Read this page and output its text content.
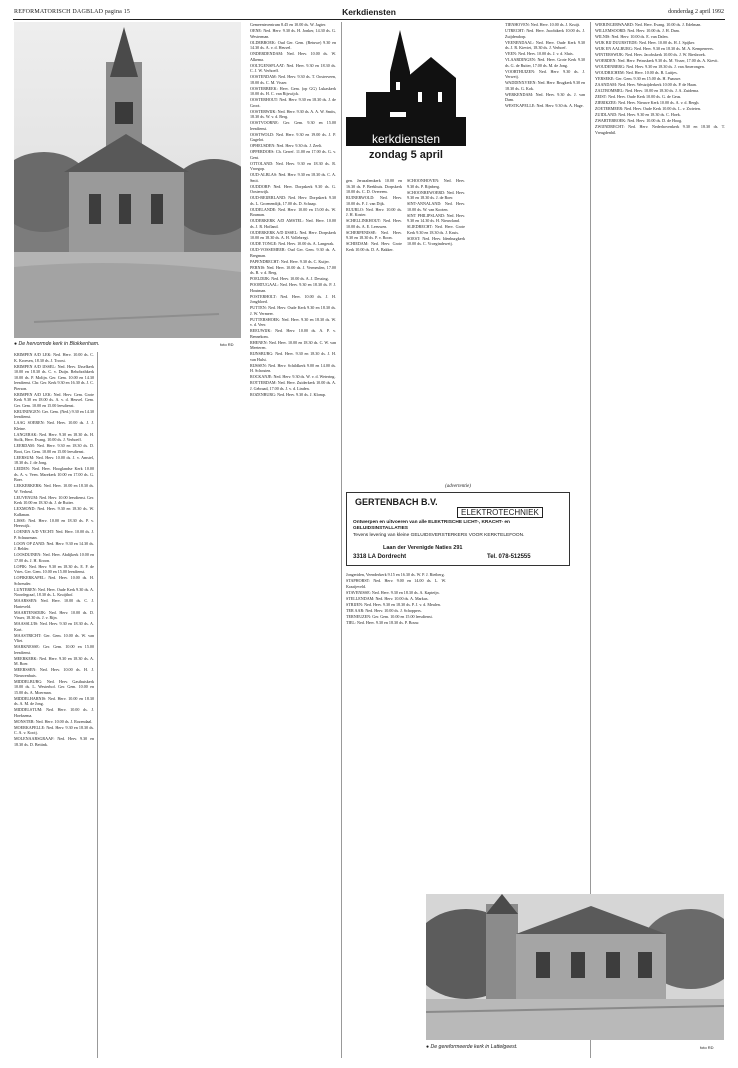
REFORMATORISCH DAGBLAD pagina 15	Kerkdiensten	donderdag 2 april 1992
● De hervormde kerk in Blokkenham.	foto RD
kerkdiensten
zondag 5 april

KRIMPEN A/D LEK: Ned. Herv. 10.00 ds. C. K. Kroesen, 18.30 ds. J. Troost.

KRIMPEN A/D IJSSEL: Ned. Herv. IJsselkerk 10.00 en 18.30 ds. C. v. Duijn. Rehobothkerk 10.00 ds. P. Molijn. Ger. Gem. 10.00 en 14.30 leesdienst. Chr. Ger. Kerk 9.30 en 16.30 ds. J. C. Pierson.

KRIMPEN A/D LEK: Ned. Herv. Gem. Grote Kerk 9.30 en 18.00 ds. A. v. d. Heuvel. Gem. Ger. Gem. 10.00 en 15.00 leesdienst.

KRUININGEN: Ger. Gem. (Ned.) 9.30 en 14.30 leesdienst.

LAAG SOEREN: Ned. Herv. 10.00 ds. J. J. Kleine.

LANGERAK: Ned. Herv. 9.30 en 18.30 ds. H. Stolk, Herv. Evang. 10.00 ds. J. Verhoeff.

LEERDAM: Ned. Herv. 9.30 en 18.30 ds. D. Boot, Ger. Gem. 10.00 en 15.00 leesdienst.

LEERSUM: Ned. Herv. 10.00 ds. J. v. Amstel, 18.30 ds. J. de Jong.

LEIDEN: Ned. Herv. Hooglandse Kerk 10.00 ds. A. v. Veen. Marekerk 10.00 en 17.00 ds. G. Boer.

LEKKERKERK: Ned. Herv. 10.00 en 18.30 ds. W. Verheul.

LEUVENUM: Ned. Herv. 10.00 leesdienst. Ger. Kerk 10.00 en 18.30 ds. J. de Ruiter.

LEXMOND: Ned. Herv. 9.30 en 18.30 ds. W. Kalkman.

LISSE: Ned. Herv. 10.00 en 18.30 ds. P. v. Heeswijk.

LOENEN A/D VECHT: Ned. Herv. 10.00 ds. J. P. Schuurman.

LOON OP ZAND: Ned. Herv. 9.30 en 14.30 ds. J. Belder.

LOOSDUINEN: Ned. Herv. Abdijkerk 10.00 en 17.00 ds. J. H. Kroon.

LOPIK: Ned. Herv. 9.30 en 18.30 ds. E. F. de Vries. Ger. Gem. 10.00 en 15.00 leesdienst.

LOPIKERKAPEL: Ned. Herv. 10.00 ds. H. Schreuder.

LUNTEREN: Ned. Herv. Oude Kerk 9.30 ds. A. Noordegraaf, 18.30 ds. L. Kruijthof.

MAARSSEN: Ned. Herv. 10.00 ds. C. J. Harteveld.

MAARTENSDIJK: Ned. Herv. 10.00 ds. D. Visser, 18.30 ds. J. v. Rijn.

MAASSLUIS: Ned. Herv. 9.30 en 18.30 ds. A. Kort.

MAASTRICHT: Ger. Gem. 10.00 ds. W. van Vliet.

MARKNESSE: Ger. Gem. 10.00 en 15.00 leesdienst.

MEERKERK: Ned. Herv. 9.30 en 18.30 ds. A. M. Boer.

MEERSSEN: Ned. Herv. 10.00 ds. H. J. Nieuwenhuis.

MIDDELBURG: Ned. Herv. Gasthuiskerk 10.00 ds. L. Westerhof. Ger. Gem. 10.00 en 15.00 ds. A. Moerman.

MIDDELHARNIS: Ned. Herv. 10.00 en 18.30 ds. A. M. de Jong.

MIDDELSTUM: Ned. Herv. 10.00 ds. J. Hoeksema.

MONSTER: Ned. Herv. 10.00 ds. J. Rozendaal.

MOERKAPELLE: Ned. Herv. 9.30 en 18.30 ds. C. A. v. Kooij.

MOLENAARSGRAAF: Ned. Herv. 9.30 en 18.30 ds. D. Bettink.

Gemeentecentrum 8.45 en 10.00 ds. W. Jagter.

OENE: Ned. Herv. 9.30 ds. H. Jonker, 14.30 ds. G. Westerman.

OLDEBROEK: Oud Ger. Gem. (Betuwe) 9.30 en 14.30 ds. A. v. d. Heuvel.

ONDERDENDAM: Ned. Herv. 10.00 ds. W. Alkema.

OOLTGENSPLAAT: Ned. Herv. 9.30 en 18.30 ds. C. J. W. Verhoeff.

OOSTENDAM: Ned. Herv. 9.30 ds. T. Oosterveen, 18.00 ds. C. M. Visser.

OOSTERBEEK: Herv. Gem. (op GG) Lukaskerk 10.00 ds. H. C. van Rijswijck.

OOSTERHOUT: Ned. Herv. 9.30 en 18.30 ds. J. de Groot.

OOSTERWIJK: Ned. Herv. 9.30 ds. A. A. W. Smits, 18.30 ds. W. v. d. Berg.

OOSTVOORNE: Ger. Gem. 9.30 en 15.00 leesdienst.

OOSTWOLD: Ned. Herv. 9.30 en 19.00 ds. J. P. Gugelot.

OPHEUSDEN: Ned. Herv. 9.30 ds. J. Zeelt.

OPPERDOES: Ch. Gerref. 11.00 en 17.00 ds. G. v. Gent.

OTTOLAND: Ned. Herv. 9.30 en 18.30 ds. R. Vroegop.

OUD-ALBLAS: Ned. Herv. 9.30 en 18.30 ds. C. A. Smit.

OUDDORP: Ned. Herv. Dorpskerk 9.30 ds. G. Oosterwijk.

OUD-BEIJERLAND: Ned. Herv. Dorpskerk 9.30 ds. L. Groenendijk, 17.00 ds. D. Schaap.

OUDELANDE: Ned. Herv. 10.00 en 15.00 ds. W. Bouman.

OUDERKERK A/D AMSTEL: Ned. Herv. 10.00 ds. J. R. Hofland.

OUDERKERK A/D IJSSEL: Ned. Herv. Dorpskerk 10.00 en 18.30 ds. A. H. Vollebregt.

OUDE TONGE: Ned. Herv. 10.00 ds. A. Langerak.

OUD-VOSSEMEER: Oud Ger. Gem. 9.30 ds. A. Bregman.

PAPENDRECHT: Ned. Herv. 9.30 ds. C. Kuijer.

PERNIS: Ned. Herv. 10.00 ds. J. Vermeulen, 17.00 ds. B. v. d. Berg.

POELDIJK: Ned. Herv. 10.00 ds. A. J. Dessing.

POORTUGAAL: Ned. Herv. 9.30 en 18.30 ds. P. J. Houtman.

POSTERHOLT: Ned. Herv. 10.00 ds. J. H. Jongbloed.

PUTTEN: Ned. Herv. Oude Kerk 9.30 en 18.30 ds. J. W. Vermeer.

PUTTERSHOEK: Ned. Herv. 9.30 en 18.30 ds. W. v. d. Veer.

REEUWIJK: Ned. Herv. 10.00 ds. A. P. v. Bennekom.

RHENEN: Ned. Herv. 10.00 en 18.30 ds. C. W. van Meeteren.

RIJNSBURG: Ned. Herv. 9.30 en 18.30 ds. J. H. van Hulst.

RIJSSEN: Ned. Herv. Schildkerk 9.00 en 14.00 ds. H. Schouten.

ROCKANJE: Ned. Herv. 9.30 ds. W. v. d. Wetering.

ROTTERDAM: Ned. Herv. Zuiderkerk 10.00 ds. A. J. Gebraad, 17.00 ds. J. v. d. Linden.

ROZENBURG: Ned. Herv. 9.30 ds. J. Klomp.

gen. Jeruzalemkerk 10.00 en 16.30 ds. P. Beekhuis. Dorpskerk 10.00 ds. C. D. Overeem.

RUINERWOLD: Ned. Herv. 10.00 ds. F. J. van Dijk.

RUURLO: Ned. Herv. 10.00 ds. J. H. Koster.

SCHELLINKHOUT: Ned. Herv. 10.00 ds. A. E. Leeuwen.

SCHERPENISSE: Ned. Herv. 9.30 en 18.30 ds. P. v. Roon.

SCHIEDAM: Ned. Herv. Grote Kerk 10.00 ds. D. A. Bakker.

SCHOONHOVEN: Ned. Herv. 9.30 ds. P. Rijnberg.

SCHOONREWOERD: Ned. Herv. 9.30 en 18.30 ds. J. de Boer.

SINT-ANNALAND: Ned. Herv. 10.00 ds. W. van Kooten.

SINT PHILIPSLAND: Ned. Herv. 9.30 en 14.30 ds. H. Nieuwland.

SLIEDRECHT: Ned. Herv. Grote Kerk 9.30 en 18.30 ds. J. Kruis.

SOEST: Ned. Herv. Idenburgkerk 10.00 ds. C. Vroegindeweij.

(advertentie)
GERTENBACH B.V.
ELEKTROTECHNIEK
Ontwerpen en uitvoeren van alle ELEKTRISCHE LICHT-, KRACHT- en GELUIDSINSTALLATIES
Tevens levering van kleine GELUIDSVERSTERKERS VOOR KERKTELEFOON.
Laan der Verenigde Naties 291
3318 LA Dordrecht	Tel. 078-512555

Jongeriden, Veenderkerk 9.15 en 16.30 ds. W. P. J. Rietberg.

STAPHORST: Ned. Herv. 9.00 en 14.00 ds. L. W. Kraaijeveld.

STAVENISSE: Ned. Herv. 9.30 en 18.30 ds. A. Kapteijn.

STELLENDAM: Ned. Herv. 10.00 ds. A. Markus.

STRIJEN: Ned. Herv. 9.30 en 18.30 ds. P. J. v. d. Meulen.

TER AAR: Ned. Herv. 10.00 ds. J. Schoppers.

TERNEUZEN: Ger. Gem. 10.00 en 15.00 leesdienst.

TIEL: Ned. Herv. 9.30 en 18.30 ds. P. Bouw.

TIENHOVEN: Ned. Herv. 10.00 ds. J. Kruijt.

UTRECHT: Ned. Herv. Jacobikerk 10.00 ds. J. Zuijdendorp.

VEENENDAAL: Ned. Herv. Oude Kerk 9.30 ds. J. R. Kieviet, 18.30 ds. J. Verhoef.

VEEN: Ned. Herv. 10.00 ds. J. v. d. Sluis.

VLAARDINGEN: Ned. Herv. Grote Kerk 9.30 ds. G. de Ruiter, 17.00 ds. M. de Jong.

VOORTHUIZEN: Ned. Herv. 9.30 ds. J. Verweij.

WADDINXVEEN: Ned. Herv. Brugkerk 9.30 en 18.30 ds. G. Kok.

WERKENDAM: Ned. Herv. 9.30 ds. J. van Dam.

WESTKAPELLE: Ned. Herv. 9.30 ds. A. Hage.

WIERINGERWAARD: Ned. Herv. Evang. 10.00 ds. J. Edelman.

WILLEMSOORD: Ned. Herv. 10.00 ds. J. H. Dam.

WILNIS: Ned. Herv. 10.00 ds. E. van Dalen.

WIJK BIJ DUURSTEDE: Ned. Herv. 10.00 ds. H. J. Spijker.

WIJK EN AALBURG: Ned. Herv. 9.30 en 18.30 ds. M. A. Kempeneers.

WINTERSWIJK: Ned. Herv. Jacobskerk 10.00 ds. J. W. Biesbroek.

WOERDEN: Ned. Herv. Petruskerk 9.30 ds. M. Visser, 17.00 ds. A. Kievit.

WOUDENBERG: Ned. Herv. 9.30 en 18.30 ds. J. van Amerongen.

WOUDRICHEM: Ned. Herv. 10.00 ds. B. Luitjes.

YERSEKE: Ger. Gem. 9.30 en 15.00 ds. H. Paauwe.

ZAANDAM: Ned. Herv. Westzijderkerk 10.00 ds. P. de Haan.

ZALTBOMMEL: Ned. Herv. 10.00 en 18.30 ds. J. A. Zuidema.

ZEIST: Ned. Herv. Oude Kerk 10.00 ds. G. de Geus.

ZIERIKZEE: Ned. Herv. Nieuwe Kerk 10.00 ds. A. v. d. Bergh.

ZOETERMEER: Ned. Herv. Oude Kerk 10.00 ds. L. v. Zwieten.

ZUIDLAND: Ned. Herv. 9.30 en 18.30 ds. C. Hoek.

ZWARTEBROEK: Ned. Herv. 10.00 ds. D. de Hoog.

ZWIJNDRECHT: Ned. Herv. Nederhovenkerk 9.30 en 18.30 ds. T. Vreugdenhil.

● De gereformeerde kerk in Lattelgeest.	foto RD
